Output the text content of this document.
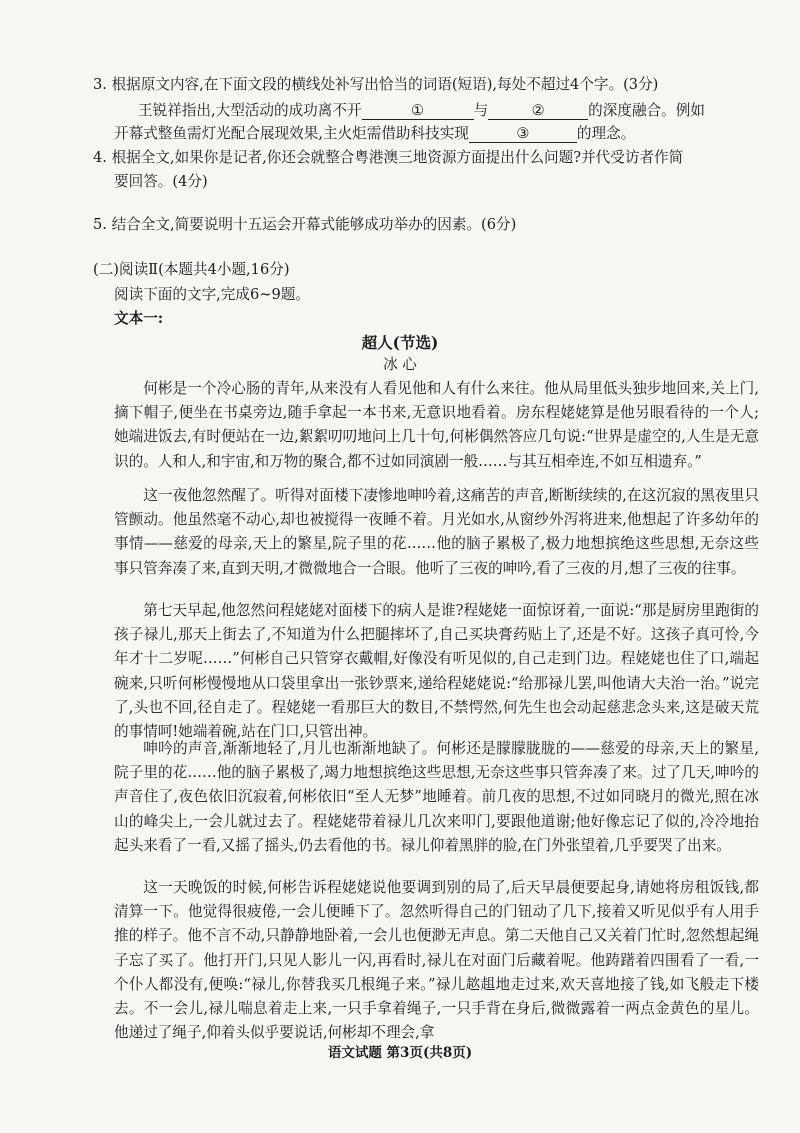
3. 根据原文内容,在下面文段的横线处补写出恰当的词语(短语),每处不超过4个字。(3分)

王锐祥指出,大型活动的成功离不开	①	与	②	的深度融合。例如

开幕式整鱼需灯光配合展现效果,主火炬需借助科技实现	③	的理念。

4. 根据全文,如果你是记者,你还会就整合粤港澳三地资源方面提出什么问题?并代受访者作简

要回答。(4分)

5. 结合全文,简要说明十五运会开幕式能够成功举办的因素。(6分)

(二)阅读Ⅱ(本题共4小题,16分)

阅读下面的文字,完成6~9题。

文本一:

超人(节选)

冰 心

何彬是一个冷心肠的青年,从来没有人看见他和人有什么来往。他从局里低头独步地回来,关上门,摘下帽子,便坐在书桌旁边,随手拿起一本书来,无意识地看着。房东程姥姥算是他另眼看待的一个人;她端进饭去,有时便站在一边,絮絮叨叨地问上几十句,何彬偶然答应几句说:“世界是虚空的,人生是无意识的。人和人,和宇宙,和万物的聚合,都不过如同演剧一般……与其互相牵连,不如互相遗弃。”

这一夜他忽然醒了。听得对面楼下凄惨地呻吟着,这痛苦的声音,断断续续的,在这沉寂的黑夜里只管颤动。他虽然毫不动心,却也被搅得一夜睡不着。月光如水,从窗纱外泻将进来,他想起了许多幼年的事情——慈爱的母亲,天上的繁星,院子里的花……他的脑子累极了,极力地想摈绝这些思想,无奈这些事只管奔凑了来,直到天明,才微微地合一合眼。他听了三夜的呻吟,看了三夜的月,想了三夜的往事。

第七天早起,他忽然问程姥姥对面楼下的病人是谁?程姥姥一面惊讶着,一面说:“那是厨房里跑街的孩子禄儿,那天上街去了,不知道为什么把腿摔坏了,自己买块膏药贴上了,还是不好。这孩子真可怜,今年才十二岁呢……”何彬自己只管穿衣戴帽,好像没有听见似的,自己走到门边。程姥姥也住了口,端起碗来,只听何彬慢慢地从口袋里拿出一张钞票来,递给程姥姥说:“给那禄儿罢,叫他请大夫治一治。”说完了,头也不回,径自走了。程姥姥一看那巨大的数目,不禁愕然,何先生也会动起慈悲念头来,这是破天荒的事情呵!她端着碗,站在门口,只管出神。

呻吟的声音,渐渐地轻了,月儿也渐渐地缺了。何彬还是朦朦胧胧的——慈爱的母亲,天上的繁星,院子里的花……他的脑子累极了,竭力地想摈绝这些思想,无奈这些事只管奔凑了来。过了几天,呻吟的声音住了,夜色依旧沉寂着,何彬依旧“至人无梦”地睡着。前几夜的思想,不过如同晓月的微光,照在冰山的峰尖上,一会儿就过去了。程姥姥带着禄儿几次来叩门,要跟他道谢;他好像忘记了似的,冷冷地抬起头来看了一看,又摇了摇头,仍去看他的书。禄儿仰着黑胖的脸,在门外张望着,几乎要哭了出来。

这一天晚饭的时候,何彬告诉程姥姥说他要调到别的局了,后天早晨便要起身,请她将房租饭钱,都清算一下。他觉得很疲倦,一会儿便睡下了。忽然听得自己的门钮动了几下,接着又听见似乎有人用手推的样子。他不言不动,只静静地卧着,一会儿也便渺无声息。第二天他自己又关着门忙时,忽然想起绳子忘了买了。他打开门,只见人影儿一闪,再看时,禄儿在对面门后藏着呢。他踌躇着四围看了一看,一个仆人都没有,便唤:“禄儿,你替我买几根绳子来。”禄儿趑趄地走过来,欢天喜地接了钱,如飞般走下楼去。不一会儿,禄儿喘息着走上来,一只手拿着绳子,一只手背在身后,微微露着一两点金黄色的星儿。他递过了绳子,仰着头似乎要说话,何彬却不理会,拿

语文试题 第3页(共8页)
